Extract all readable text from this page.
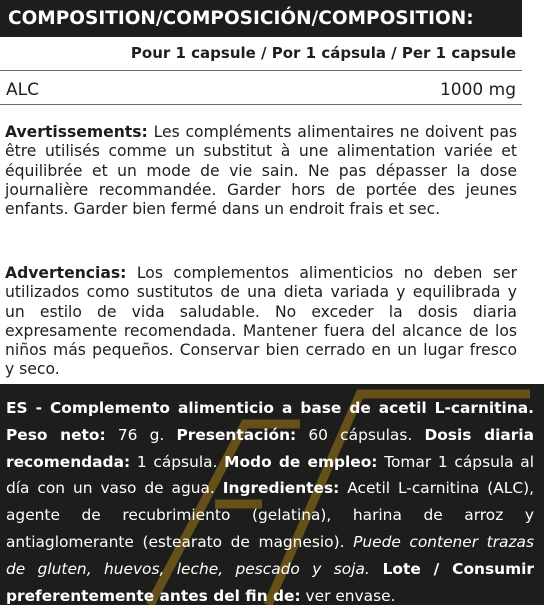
COMPOSITION/COMPOSICIÓN/COMPOSITION:
Pour 1 capsule / Por 1 cápsula / Per 1 capsule
ALC	1000 mg

Avertissements: Les compléments alimentaires ne doivent pas être utilisés comme un substitut à une alimentation variée et équilibrée et un mode de vie sain. Ne pas dépasser la dose journalière recommandée. Garder hors de portée des jeunes enfants. Garder bien fermé dans un endroit frais et sec.

Advertencias: Los complementos alimenticios no deben ser utilizados como sustitutos de una dieta variada y equilibrada y un estilo de vida saludable. No exceder la dosis diaria expresamente recomendada. Mantener fuera del alcance de los niños más pequeños. Conservar bien cerrado en un lugar fresco y seco.

ES - Complemento alimenticio a base de acetil L-carnitina. Peso neto: 76 g. Presentación: 60 cápsulas. Dosis diaria recomendada: 1 cápsula. Modo de empleo: Tomar 1 cápsula al día con un vaso de agua. Ingredientes: Acetil L-carnitina (ALC), agente de recubrimiento (gelatina), harina de arroz y antiaglomerante (estearato de magnesio). Puede contener trazas de gluten, huevos, leche, pescado y soja. Lote / Consumir preferentemente antes del fin de: ver envase.
